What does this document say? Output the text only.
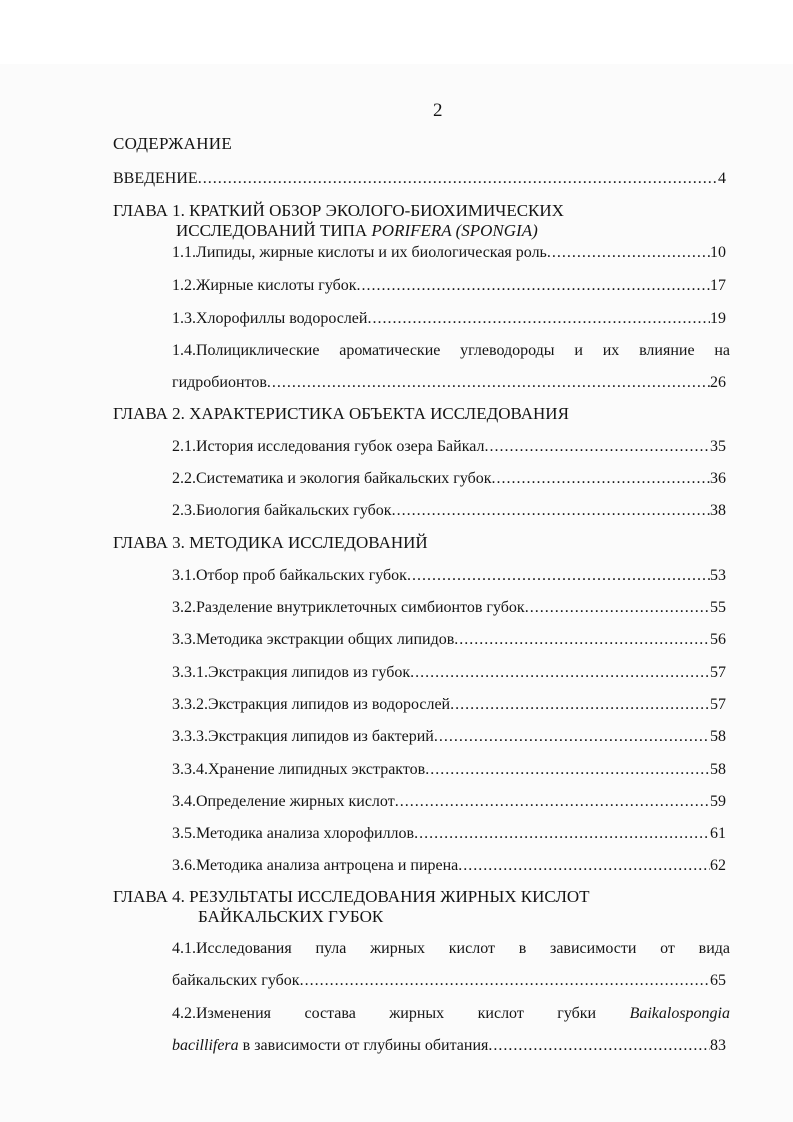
2
СОДЕРЖАНИЕ
ВВЕДЕНИЕ .....	4
ГЛАВА 1. КРАТКИЙ ОБЗОР ЭКОЛОГО-БИОХИМИЧЕСКИХ
ИССЛЕДОВАНИЙ ТИПА PORIFERA (SPONGIA)
1.1.Липиды, жирные кислоты и их биологическая роль .....	10
1.2.Жирные кислоты губок .....	17
1.3.Хлорофиллы водорослей .....	19
1.4.Полициклические ароматические углеводороды и их влияние на
гидробионтов .....	26
ГЛАВА 2. ХАРАКТЕРИСТИКА ОБЪЕКТА ИССЛЕДОВАНИЯ
2.1.История исследования губок озера Байкал .....	35
2.2.Систематика и экология байкальских губок .....	36
2.3.Биология байкальских губок .....	38
ГЛАВА 3. МЕТОДИКА ИССЛЕДОВАНИЙ
3.1.Отбор проб байкальских губок .....	53
3.2.Разделение внутриклеточных симбионтов губок .....	55
3.3.Методика экстракции общих липидов .....	56
3.3.1.Экстракция липидов из губок .....	57
3.3.2.Экстракция липидов из водорослей .....	57
3.3.3.Экстракция липидов из бактерий .....	58
3.3.4.Хранение липидных экстрактов .....	58
3.4.Определение жирных кислот .....	59
3.5.Методика анализа хлорофиллов .....	61
3.6.Методика анализа антроцена и пирена .....	62
ГЛАВА 4. РЕЗУЛЬТАТЫ ИССЛЕДОВАНИЯ ЖИРНЫХ КИСЛОТ
БАЙКАЛЬСКИХ ГУБОК
4.1.Исследования пула жирных кислот в зависимости от вида
байкальских губок .....	65
4.2.Изменения состава жирных кислот губки Baikalospongia
bacillifera в зависимости от глубины обитания .....	83
